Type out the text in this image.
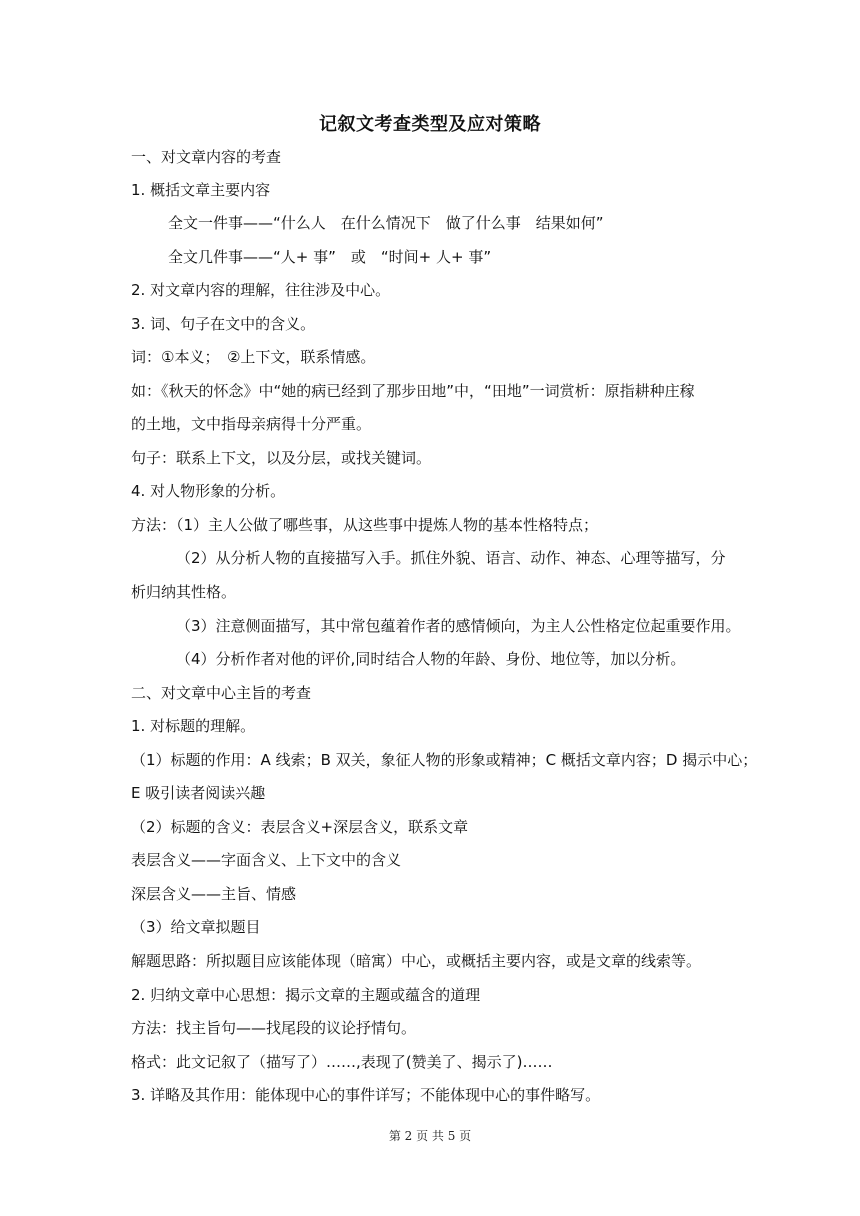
记叙文考查类型及应对策略
一、对文章内容的考查
1. 概括文章主要内容
全文一件事——“什么人　在什么情况下　做了什么事　结果如何”
全文几件事——“人+ 事”　或　“时间+ 人+ 事”
2. 对文章内容的理解，往往涉及中心。
3. 词、句子在文中的含义。
词：①本义；　②上下文，联系情感。
如：《秋天的怀念》中“她的病已经到了那步田地”中，“田地”一词赏析：原指耕种庄稼
的土地，文中指母亲病得十分严重。
句子：联系上下文，以及分层，或找关键词。
4. 对人物形象的分析。
方法：（1）主人公做了哪些事，从这些事中提炼人物的基本性格特点；
（2）从分析人物的直接描写入手。抓住外貌、语言、动作、神态、心理等描写，分
析归纳其性格。
（3）注意侧面描写，其中常包蕴着作者的感情倾向，为主人公性格定位起重要作用。
（4）分析作者对他的评价,同时结合人物的年龄、身份、地位等，加以分析。
二、对文章中心主旨的考查
1. 对标题的理解。
（1）标题的作用：A 线索；B 双关，象征人物的形象或精神；C 概括文章内容；D 揭示中心；
E 吸引读者阅读兴趣
（2）标题的含义：表层含义+深层含义，联系文章
表层含义——字面含义、上下文中的含义
深层含义——主旨、情感
（3）给文章拟题目
解题思路：所拟题目应该能体现（暗寓）中心，或概括主要内容，或是文章的线索等。
2. 归纳文章中心思想：揭示文章的主题或蕴含的道理
方法：找主旨句——找尾段的议论抒情句。
格式：此文记叙了（描写了）……,表现了(赞美了、揭示了)……
3. 详略及其作用：能体现中心的事件详写；不能体现中心的事件略写。
第 2 页 共 5 页
